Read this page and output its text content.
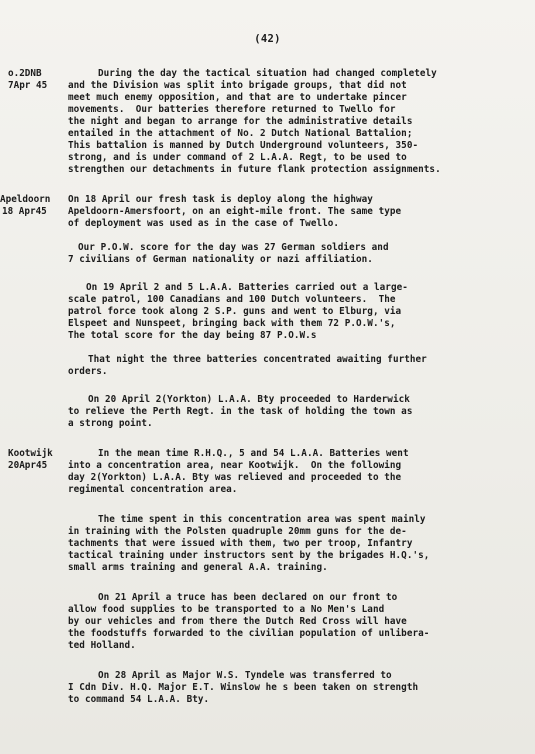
(42)
o.2DNB
7Apr 45
Apeldoorn
18 Apr45
Kootwijk
20Apr45
During the day the tactical situation had changed completely
and the Division was split into brigade groups, that did not
meet much enemy opposition, and that are to undertake pincer
movements.  Our batteries therefore returned to Twello for
the night and began to arrange for the administrative details
entailed in the attachment of No. 2 Dutch National Battalion;
This battalion is manned by Dutch Underground volunteers, 350-
strong, and is under command of 2 L.A.A. Regt, to be used to
strengthen our detachments in future flank protection assignments.
On 18 April our fresh task is deploy along the highway
Apeldoorn-Amersfoort, on an eight-mile front. The same type
of deployment was used as in the case of Twello.
Our P.O.W. score for the day was 27 German soldiers and
7 civilians of German nationality or nazi affiliation.
On 19 April 2 and 5 L.A.A. Batteries carried out a large-
scale patrol, 100 Canadians and 100 Dutch volunteers.  The
patrol force took along 2 S.P. guns and went to Elburg, via
Elspeet and Nunspeet, bringing back with them 72 P.O.W.'s,
The total score for the day being 87 P.O.W.s
That night the three batteries concentrated awaiting further
orders.
On 20 April 2(Yorkton) L.A.A. Bty proceeded to Harderwick
to relieve the Perth Regt. in the task of holding the town as
a strong point.
In the mean time R.H.Q., 5 and 54 L.A.A. Batteries went
into a concentration area, near Kootwijk.  On the following
day 2(Yorkton) L.A.A. Bty was relieved and proceeded to the
regimental concentration area.
The time spent in this concentration area was spent mainly
in training with the Polsten quadruple 20mm guns for the de-
tachments that were issued with them, two per troop, Infantry
tactical training under instructors sent by the brigades H.Q.'s,
small arms training and general A.A. training.
On 21 April a truce has been declared on our front to
allow food supplies to be transported to a No Men's Land
by our vehicles and from there the Dutch Red Cross will have
the foodstuffs forwarded to the civilian population of unlibera-
ted Holland.
On 28 April as Major W.S. Tyndele was transferred to
I Cdn Div. H.Q. Major E.T. Winslow he s been taken on strength
to command 54 L.A.A. Bty.
